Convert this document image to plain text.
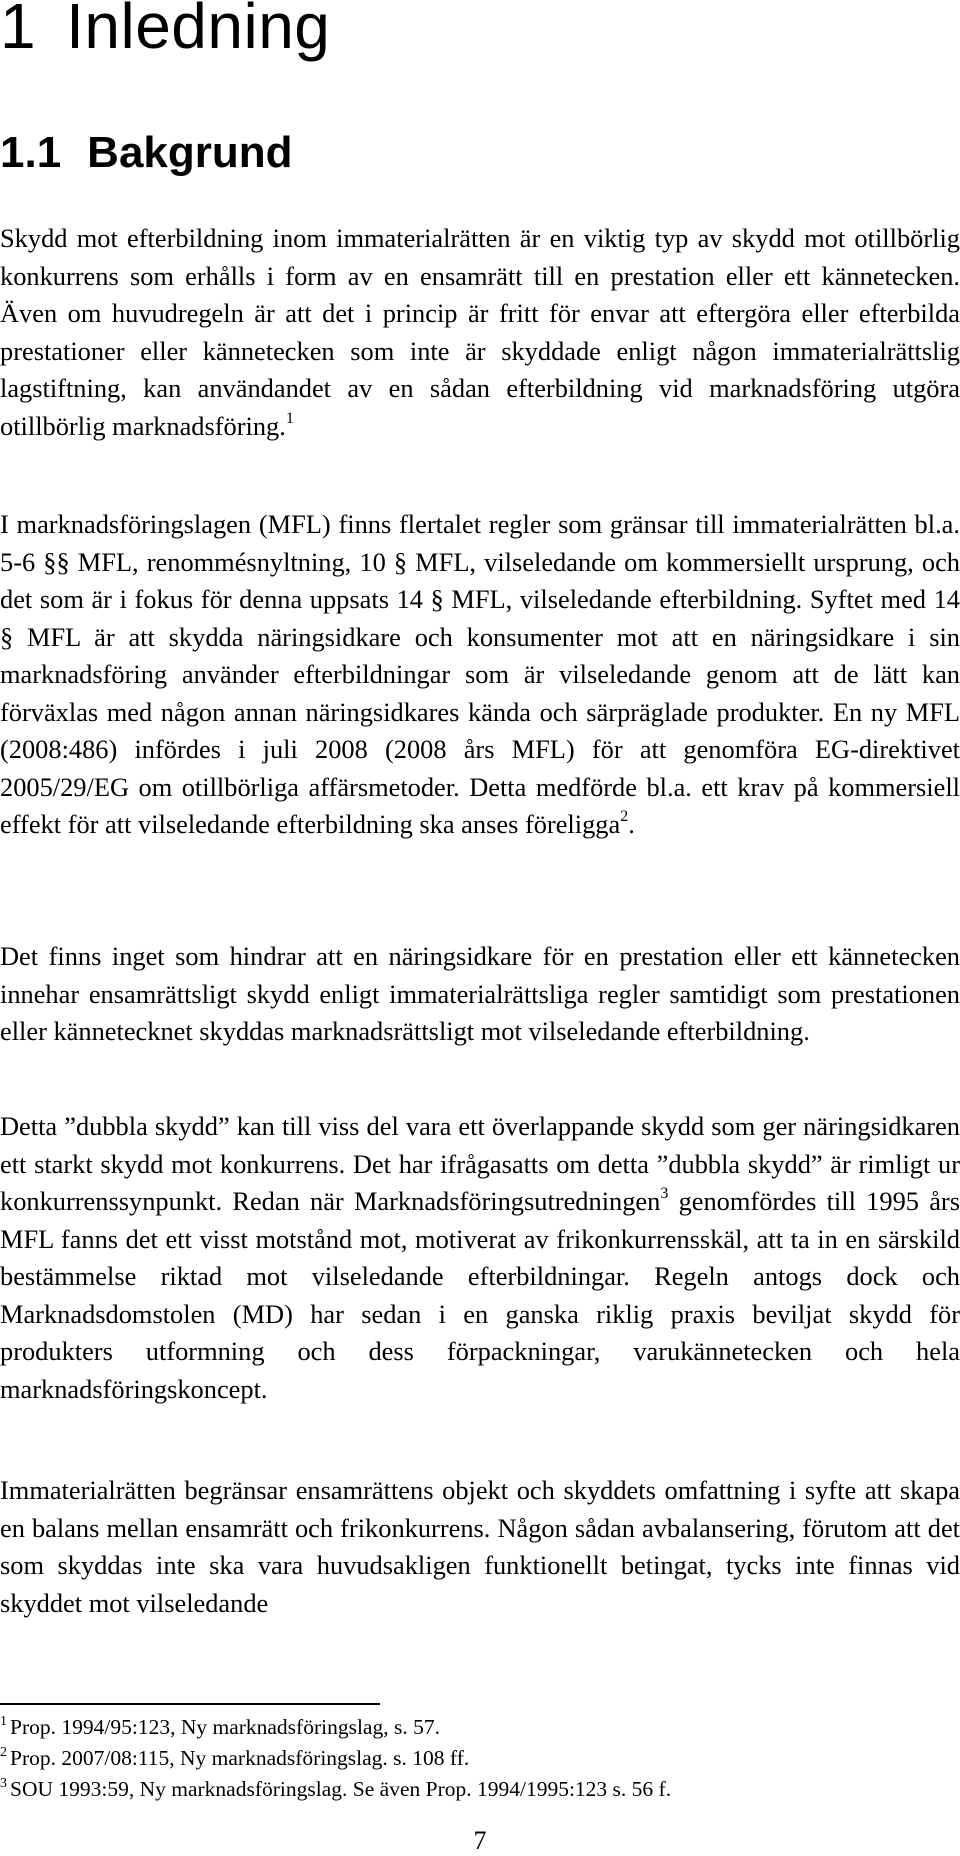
1 Inledning
1.1 Bakgrund

Skydd mot efterbildning inom immaterialrätten är en viktig typ av skydd mot otillbörlig konkurrens som erhålls i form av en ensamrätt till en prestation eller ett kännetecken. Även om huvudregeln är att det i princip är fritt för envar att eftergöra eller efterbilda prestationer eller kännetecken som inte är skyddade enligt någon immaterialrättslig lagstiftning, kan användandet av en sådan efterbildning vid marknadsföring utgöra otillbörlig marknadsföring.$^1$

I marknadsföringslagen (MFL) finns flertalet regler som gränsar till immaterialrätten bl.a. 5-6 §§ MFL, renommésnyltning, 10 § MFL, vilseledande om kommersiellt ursprung, och det som är i fokus för denna uppsats 14 § MFL, vilseledande efterbildning. Syftet med 14 § MFL är att skydda näringsidkare och konsumenter mot att en näringsidkare i sin marknadsföring använder efterbildningar som är vilseledande genom att de lätt kan förväxlas med någon annan näringsidkares kända och särpräglade produkter. En ny MFL (2008:486) infördes i juli 2008 (2008 års MFL) för att genomföra EG-direktivet 2005/29/EG om otillbörliga affärsmetoder. Detta medförde bl.a. ett krav på kommersiell effekt för att vilseledande efterbildning ska anses föreligga$^2$.

Det finns inget som hindrar att en näringsidkare för en prestation eller ett kännetecken innehar ensamrättsligt skydd enligt immaterialrättsliga regler samtidigt som prestationen eller kännetecknet skyddas marknadsrättsligt mot vilseledande efterbildning.

Detta ”dubbla skydd” kan till viss del vara ett överlappande skydd som ger näringsidkaren ett starkt skydd mot konkurrens. Det har ifrågasatts om detta ”dubbla skydd” är rimligt ur konkurrenssynpunkt. Redan när Marknadsföringsutredningen$^3$ genomfördes till 1995 års MFL fanns det ett visst motstånd mot, motiverat av frikonkurrensskäl, att ta in en särskild bestämmelse riktad mot vilseledande efterbildningar. Regeln antogs dock och Marknadsdomstolen (MD) har sedan i en ganska riklig praxis beviljat skydd för produkters utformning och dess förpackningar, varukännetecken och hela marknadsföringskoncept.

Immaterialrätten begränsar ensamrättens objekt och skyddets omfattning i syfte att skapa en balans mellan ensamrätt och frikonkurrens. Någon sådan avbalansering, förutom att det som skyddas inte ska vara huvudsakligen funktionellt betingat, tycks inte finnas vid skyddet mot vilseledande

$^1$ Prop. 1994/95:123, Ny marknadsföringslag, s. 57.
$^2$ Prop. 2007/08:115, Ny marknadsföringslag. s. 108 ff.
$^3$ SOU 1993:59, Ny marknadsföringslag. Se även Prop. 1994/1995:123 s. 56 f.
7
